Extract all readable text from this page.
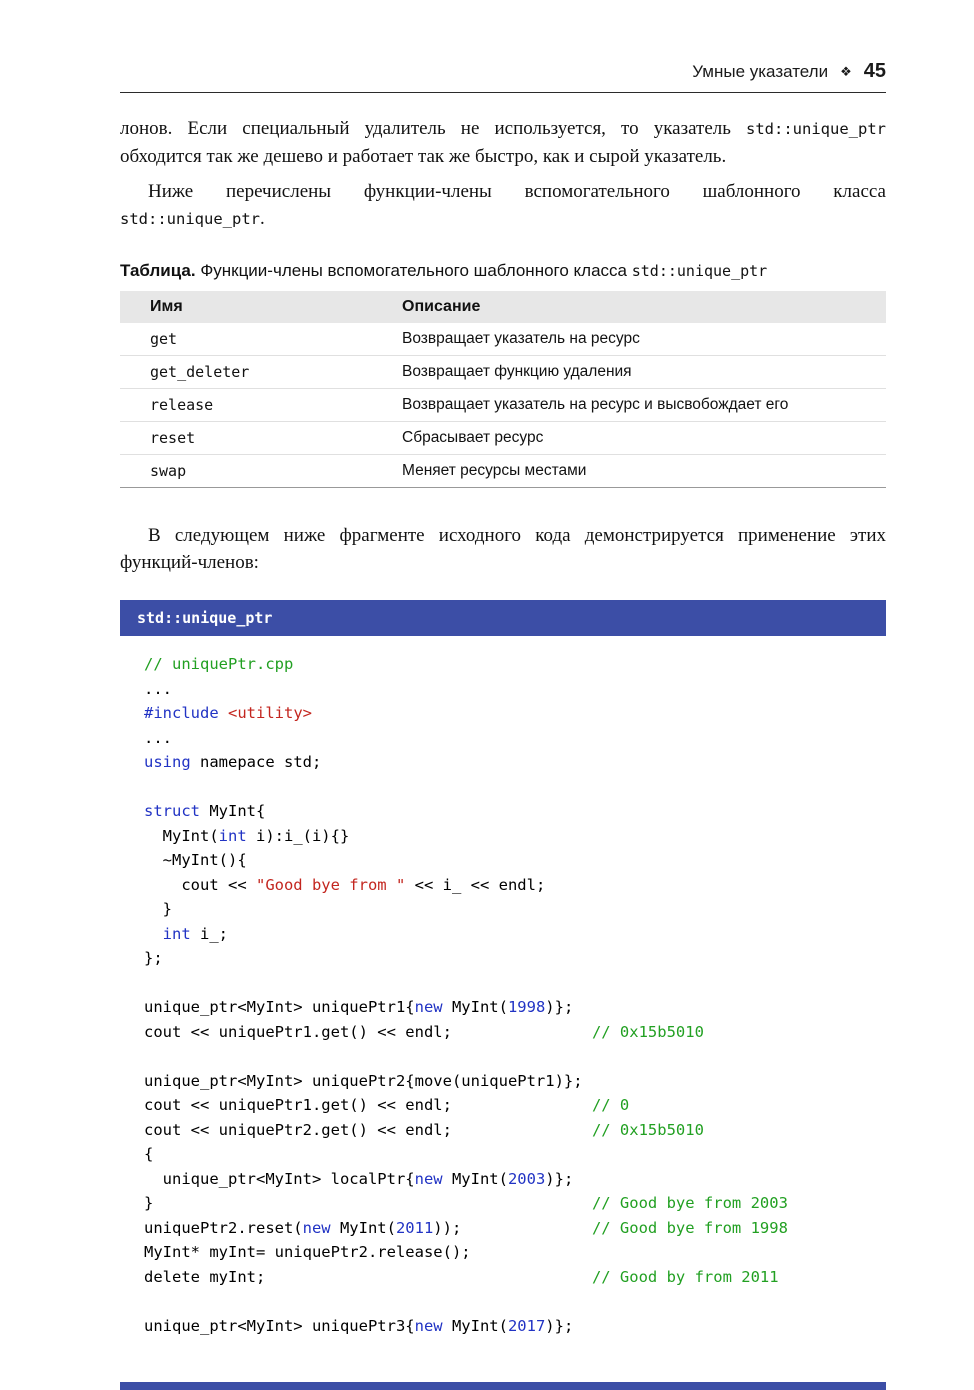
Умные указатели ❖ 45

лонов. Если специальный удалитель не используется, то указатель std::unique_​ptr обходится так же дешево и работает так же быстро, как и сырой указатель.

Ниже перечислены функции-члены вспомогательного шаблонного класса std::unique_ptr.

Таблица. Функции-члены вспомогательного шаблонного класса std::unique_ptr

Имя	Описание
get	Возвращает указатель на ресурс
get_deleter	Возвращает функцию удаления
release	Возвращает указатель на ресурс и высвобождает его
reset	Сбрасывает ресурс
swap	Меняет ресурсы местами

В следующем ниже фрагменте исходного кода демонстрируется применение этих функций-членов:

std::unique_ptr
// uniquePtr.cpp
...
#include <utility>
...
using namepace std;

struct MyInt{
MyInt(int i):i_(i){}
~MyInt(){
cout << "Good bye from " << i_ << endl;
}
int i_;
};

unique_ptr<MyInt> uniquePtr1{new MyInt(1998)};
cout << uniquePtr1.get() << endl;               // 0x15b5010

unique_ptr<MyInt> uniquePtr2{move(uniquePtr1)};
cout << uniquePtr1.get() << endl;               // 0
cout << uniquePtr2.get() << endl;               // 0x15b5010
{
unique_ptr<MyInt> localPtr{new MyInt(2003)};
}                                               // Good bye from 2003
uniquePtr2.reset(new MyInt(2011));              // Good bye from 1998
MyInt* myInt= uniquePtr2.release();
delete myInt;                                   // Good by from 2011

unique_ptr<MyInt> uniquePtr3{new MyInt(2017)};
